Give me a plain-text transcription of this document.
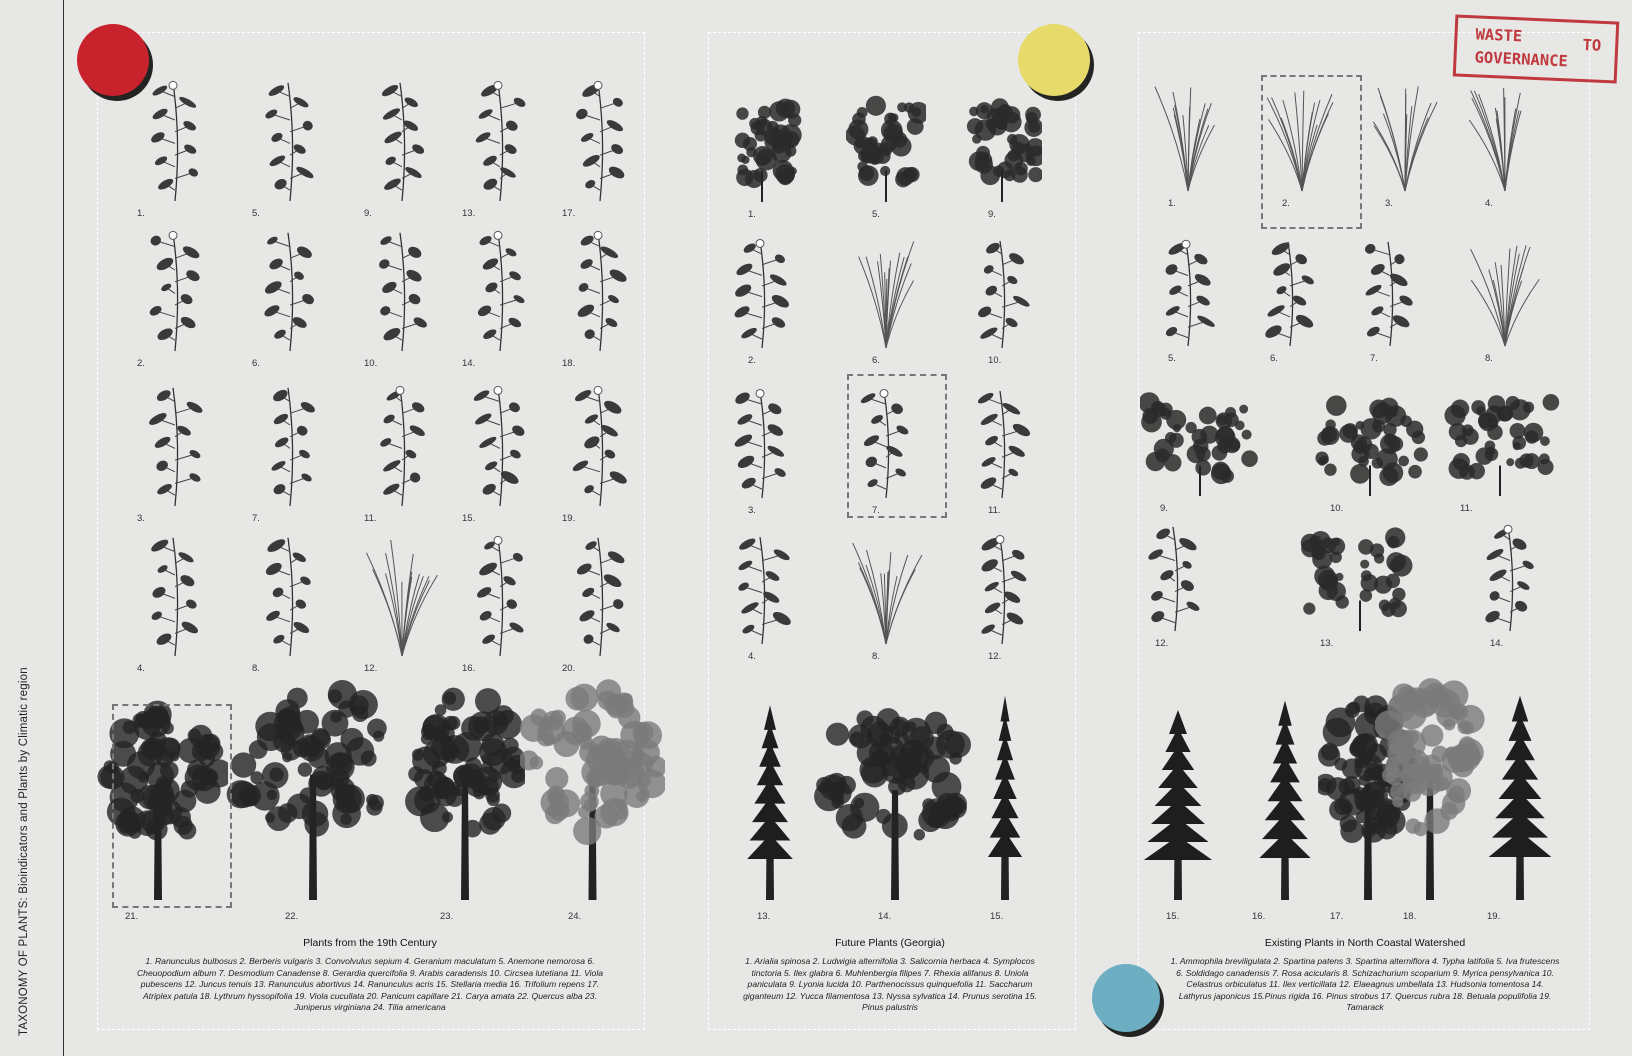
TAXONOMY OF PLANTS: Bioindicators and Plants by Climatic region
WASTE
TO
GOVERNANCE
1.	5.	9.	13.	17.
2.	6.	10.	14.	18.
3.	7.	11.	15.	19.
4.	8.	12.	16.	20.
21.	22.	23.	24.
1.	5.	9.
2.	6.	10.
3.	7.	11.
4.	8.	12.
13.	14.	15.
1.	2.	3.	4.
5.	6.	7.	8.
9.	10.	11.
12.	13.	14.
15.	16.	17.	18.	19.
Plants from the 19th Century
1. Ranunculus bulbosus 2. Berberis vulgaris 3. Convolvulus sepium 4. Geranium maculatum 5. Anemone nemorosa 6. Cheuopodium album 7. Desmodium Canadense 8. Gerardia quercifolia 9. Arabis caradensis 10. Circsea lutetiana 11. Viola pubescens 12. Juncus tenuis 13. Ranunculus abortivus 14. Ranunculus acris 15. Stellaria media 16. Trifolium repens 17. Atriplex patula 18. Lythrum hyssopifolia 19. Viola cucullata 20. Panicum capillare 21. Carya amata 22. Quercus alba 23. Juniperus virginiana 24. Tilia americana
Future Plants (Georgia)
1. Arialia spinosa 2. Ludwigia alternifolia 3. Salicornia herbaca 4. Symplocos tinctoria 5. Ilex glabra 6. Muhlenbergia filipes 7. Rhexia alifanus 8. Uniola paniculata 9. Lyonia lucida 10. Parthenocissus quinquefolia 11. Saccharum giganteum 12. Yucca filamentosa 13. Nyssa sylvatica 14. Prunus serotina 15. Pinus palustris
Existing Plants in North Coastal Watershed
1. Ammophila breviligulata 2. Spartina patens 3. Spartina alterniflora 4. Typha latifolia 5. Iva frutescens 6. Soldidago canadensis 7. Rosa acicularis 8. Schizachurium scoparium 9. Myrica pensylvanica 10. Celastrus orbiculatus 11. Ilex verticillata 12. Elaeagnus umbellata 13. Hudsonia tomentosa 14. Lathyrus japonicus 15.Pinus rigida 16. Pinus strobus 17. Quercus rubra 18. Betuala populifolia 19. Tamarack
